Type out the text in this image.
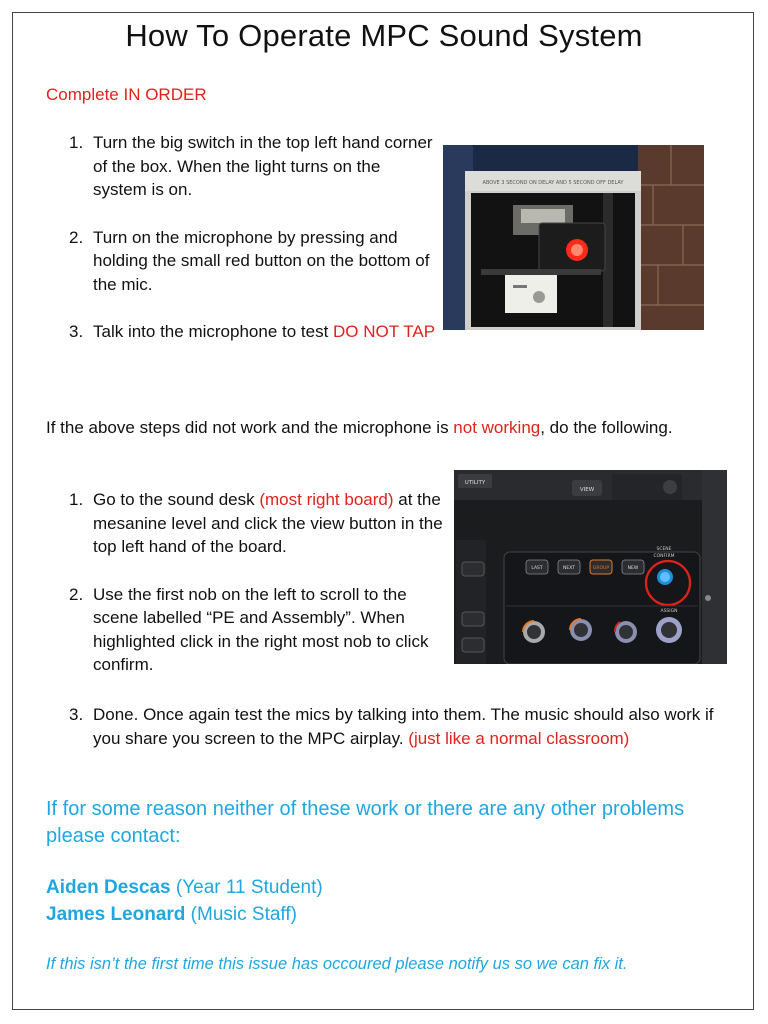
How To Operate MPC Sound System
Complete IN ORDER
1. Turn the big switch in the top left hand corner of the box. When the light turns on the system is on.
2. Turn on the microphone by pressing and holding the small red button on the bottom of the mic.
3. Talk into the microphone to test DO NOT TAP
ABOVE 3 SECOND ON DELAY AND 5 SECOND OFF DELAY
If the above steps did not work and the microphone is not working, do the following.
1. Go to the sound desk (most right board) at the mesanine level and click the view button in the top left hand of the board.
2. Use the first nob on the left to scroll to the scene labelled “PE and Assembly”. When highlighted click in the right most nob to click confirm.
UTILITY
VIEW
LAST	NEXT	GROUP	NEW
SCENE
CONFIRM
ASSIGN
3. Done. Once again test the mics by talking into them. The music should also work if you share you screen to the MPC airplay. (just like a normal classroom)
If for some reason neither of these work or there are any other problems please contact:
Aiden Descas (Year 11 Student)
James Leonard (Music Staff)
If this isn’t the first time this issue has occoured please notify us so we can fix it.
